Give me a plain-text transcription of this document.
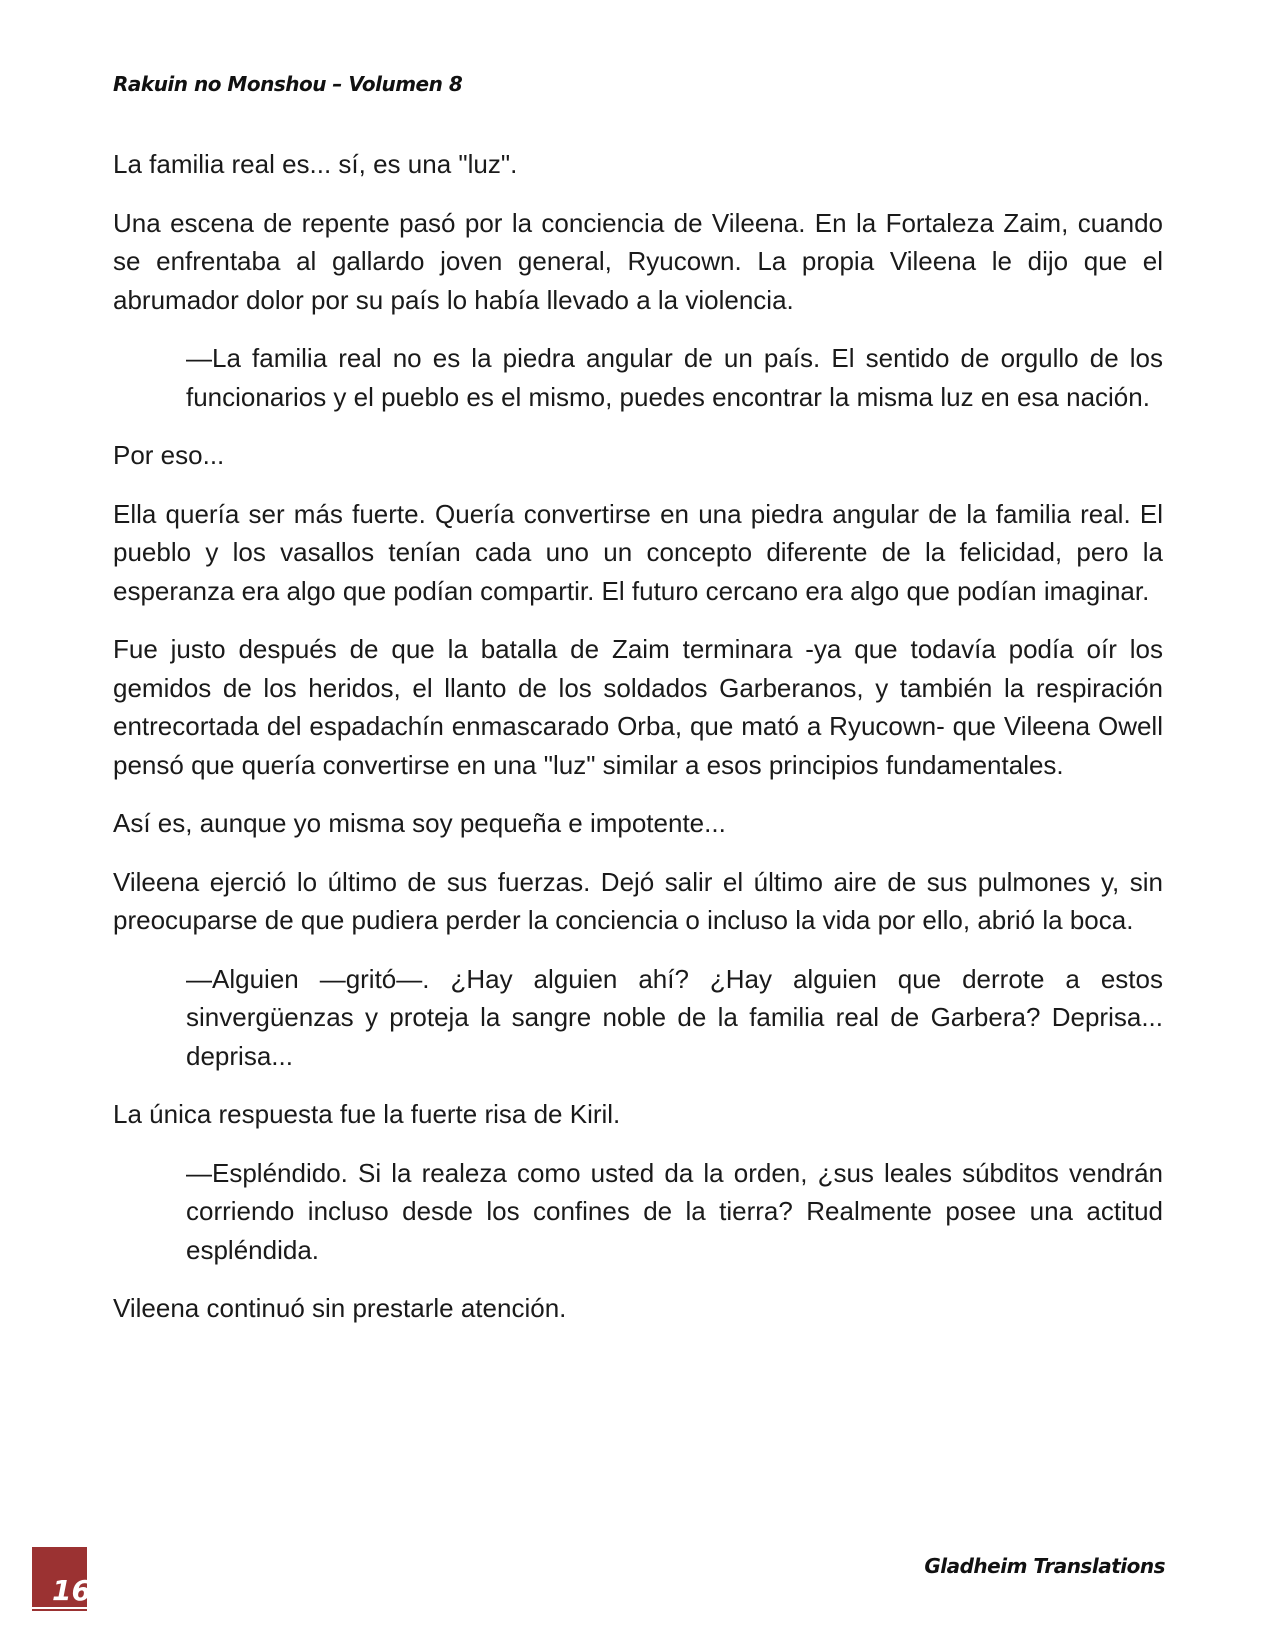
Rakuin no Monshou – Volumen 8

La familia real es... sí, es una "luz".

Una escena de repente pasó por la conciencia de Vileena. En la Fortaleza Zaim, cuando se enfrentaba al gallardo joven general, Ryucown. La propia Vileena le dijo que el abrumador dolor por su país lo había llevado a la violencia.

—La familia real no es la piedra angular de un país. El sentido de orgullo de los funcionarios y el pueblo es el mismo, puedes encontrar la misma luz en esa nación.

Por eso...

Ella quería ser más fuerte. Quería convertirse en una piedra angular de la familia real. El pueblo y los vasallos tenían cada uno un concepto diferente de la felicidad, pero la esperanza era algo que podían compartir. El futuro cercano era algo que podían imaginar.

Fue justo después de que la batalla de Zaim terminara -ya que todavía podía oír los gemidos de los heridos, el llanto de los soldados Garberanos, y también la respiración entrecortada del espadachín enmascarado Orba, que mató a Ryucown- que Vileena Owell pensó que quería convertirse en una "luz" similar a esos principios fundamentales.

Así es, aunque yo misma soy pequeña e impotente...

Vileena ejerció lo último de sus fuerzas. Dejó salir el último aire de sus pulmones y, sin preocuparse de que pudiera perder la conciencia o incluso la vida por ello, abrió la boca.

—Alguien —gritó—. ¿Hay alguien ahí? ¿Hay alguien que derrote a estos sinvergüenzas y proteja la sangre noble de la familia real de Garbera? Deprisa... deprisa...

La única respuesta fue la fuerte risa de Kiril.

—Espléndido. Si la realeza como usted da la orden, ¿sus leales súbditos vendrán corriendo incluso desde los confines de la tierra? Realmente posee una actitud espléndida.

Vileena continuó sin prestarle atención.

16
Gladheim Translations
